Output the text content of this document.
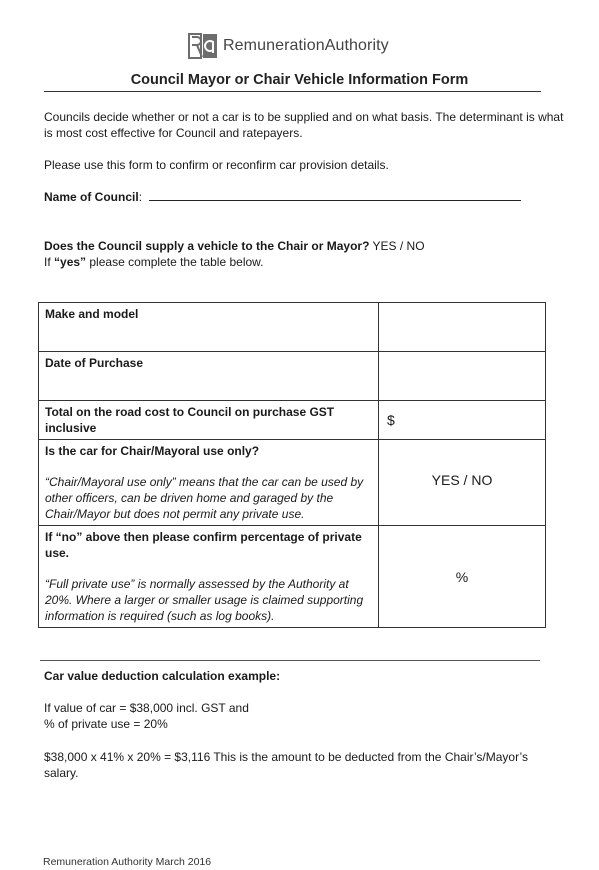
RemunerationAuthority
Council Mayor or Chair Vehicle Information Form
Councils decide whether or not a car is to be supplied and on what basis. The determinant is what is most cost effective for Council and ratepayers.
Please use this form to confirm or reconfirm car provision details.
Name of Council:
Does the Council supply a vehicle to the Chair or Mayor? YES / NO
If “yes” please complete the table below.
Make and model	
Date of Purchase	
Total on the road cost to Council on purchase GST inclusive	$

Is the car for Chair/Mayoral use only?
“Chair/Mayoral use only” means that the car can be used by other officers, can be driven home and garaged by the Chair/Mayor but does not permit any private use.	YES / NO

If “no” above then please confirm percentage of private use.
“Full private use” is normally assessed by the Authority at 20%. Where a larger or smaller usage is claimed supporting information is required (such as log books).	%
Car value deduction calculation example:
If value of car = $38,000 incl. GST and
% of private use = 20%
$38,000 x 41% x 20% = $3,116 This is the amount to be deducted from the Chair’s/Mayor’s salary.
Remuneration Authority March 2016
